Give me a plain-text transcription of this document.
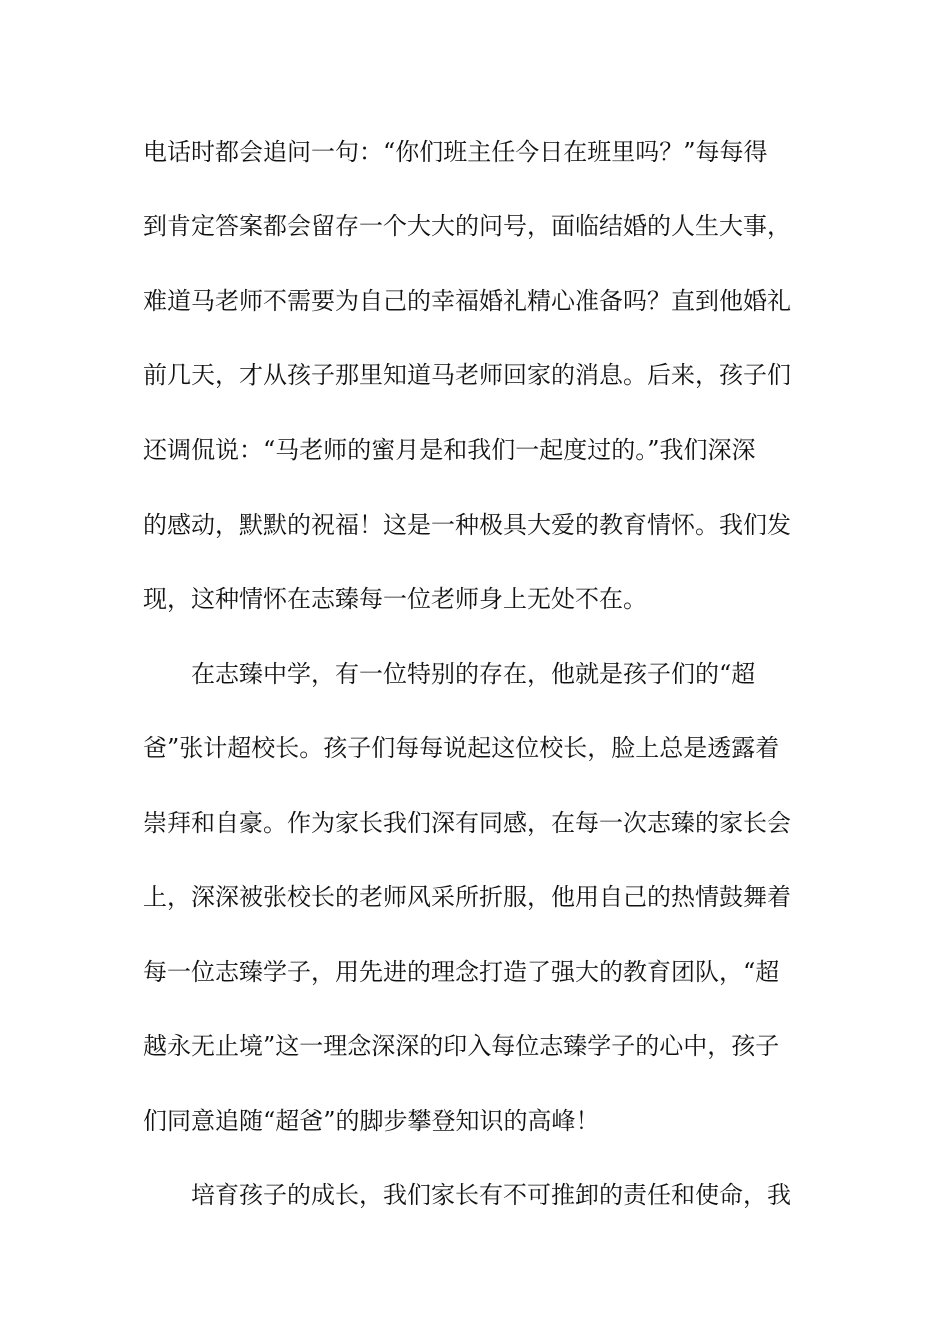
电话时都会追问一句：“你们班主任今日在班里吗？”每每得
到肯定答案都会留存一个大大的问号，面临结婚的人生大事，
难道马老师不需要为自己的幸福婚礼精心准备吗？直到他婚礼
前几天，才从孩子那里知道马老师回家的消息。后来，孩子们
还调侃说：“马老师的蜜月是和我们一起度过的。”我们深深
的感动，默默的祝福！这是一种极具大爱的教育情怀。我们发
现，这种情怀在志臻每一位老师身上无处不在。
　　在志臻中学，有一位特别的存在，他就是孩子们的“超
爸”张计超校长。孩子们每每说起这位校长，脸上总是透露着
崇拜和自豪。作为家长我们深有同感，在每一次志臻的家长会
上，深深被张校长的老师风采所折服，他用自己的热情鼓舞着
每一位志臻学子，用先进的理念打造了强大的教育团队，“超
越永无止境”这一理念深深的印入每位志臻学子的心中，孩子
们同意追随“超爸”的脚步攀登知识的高峰！
　　培育孩子的成长，我们家长有不可推卸的责任和使命，我
